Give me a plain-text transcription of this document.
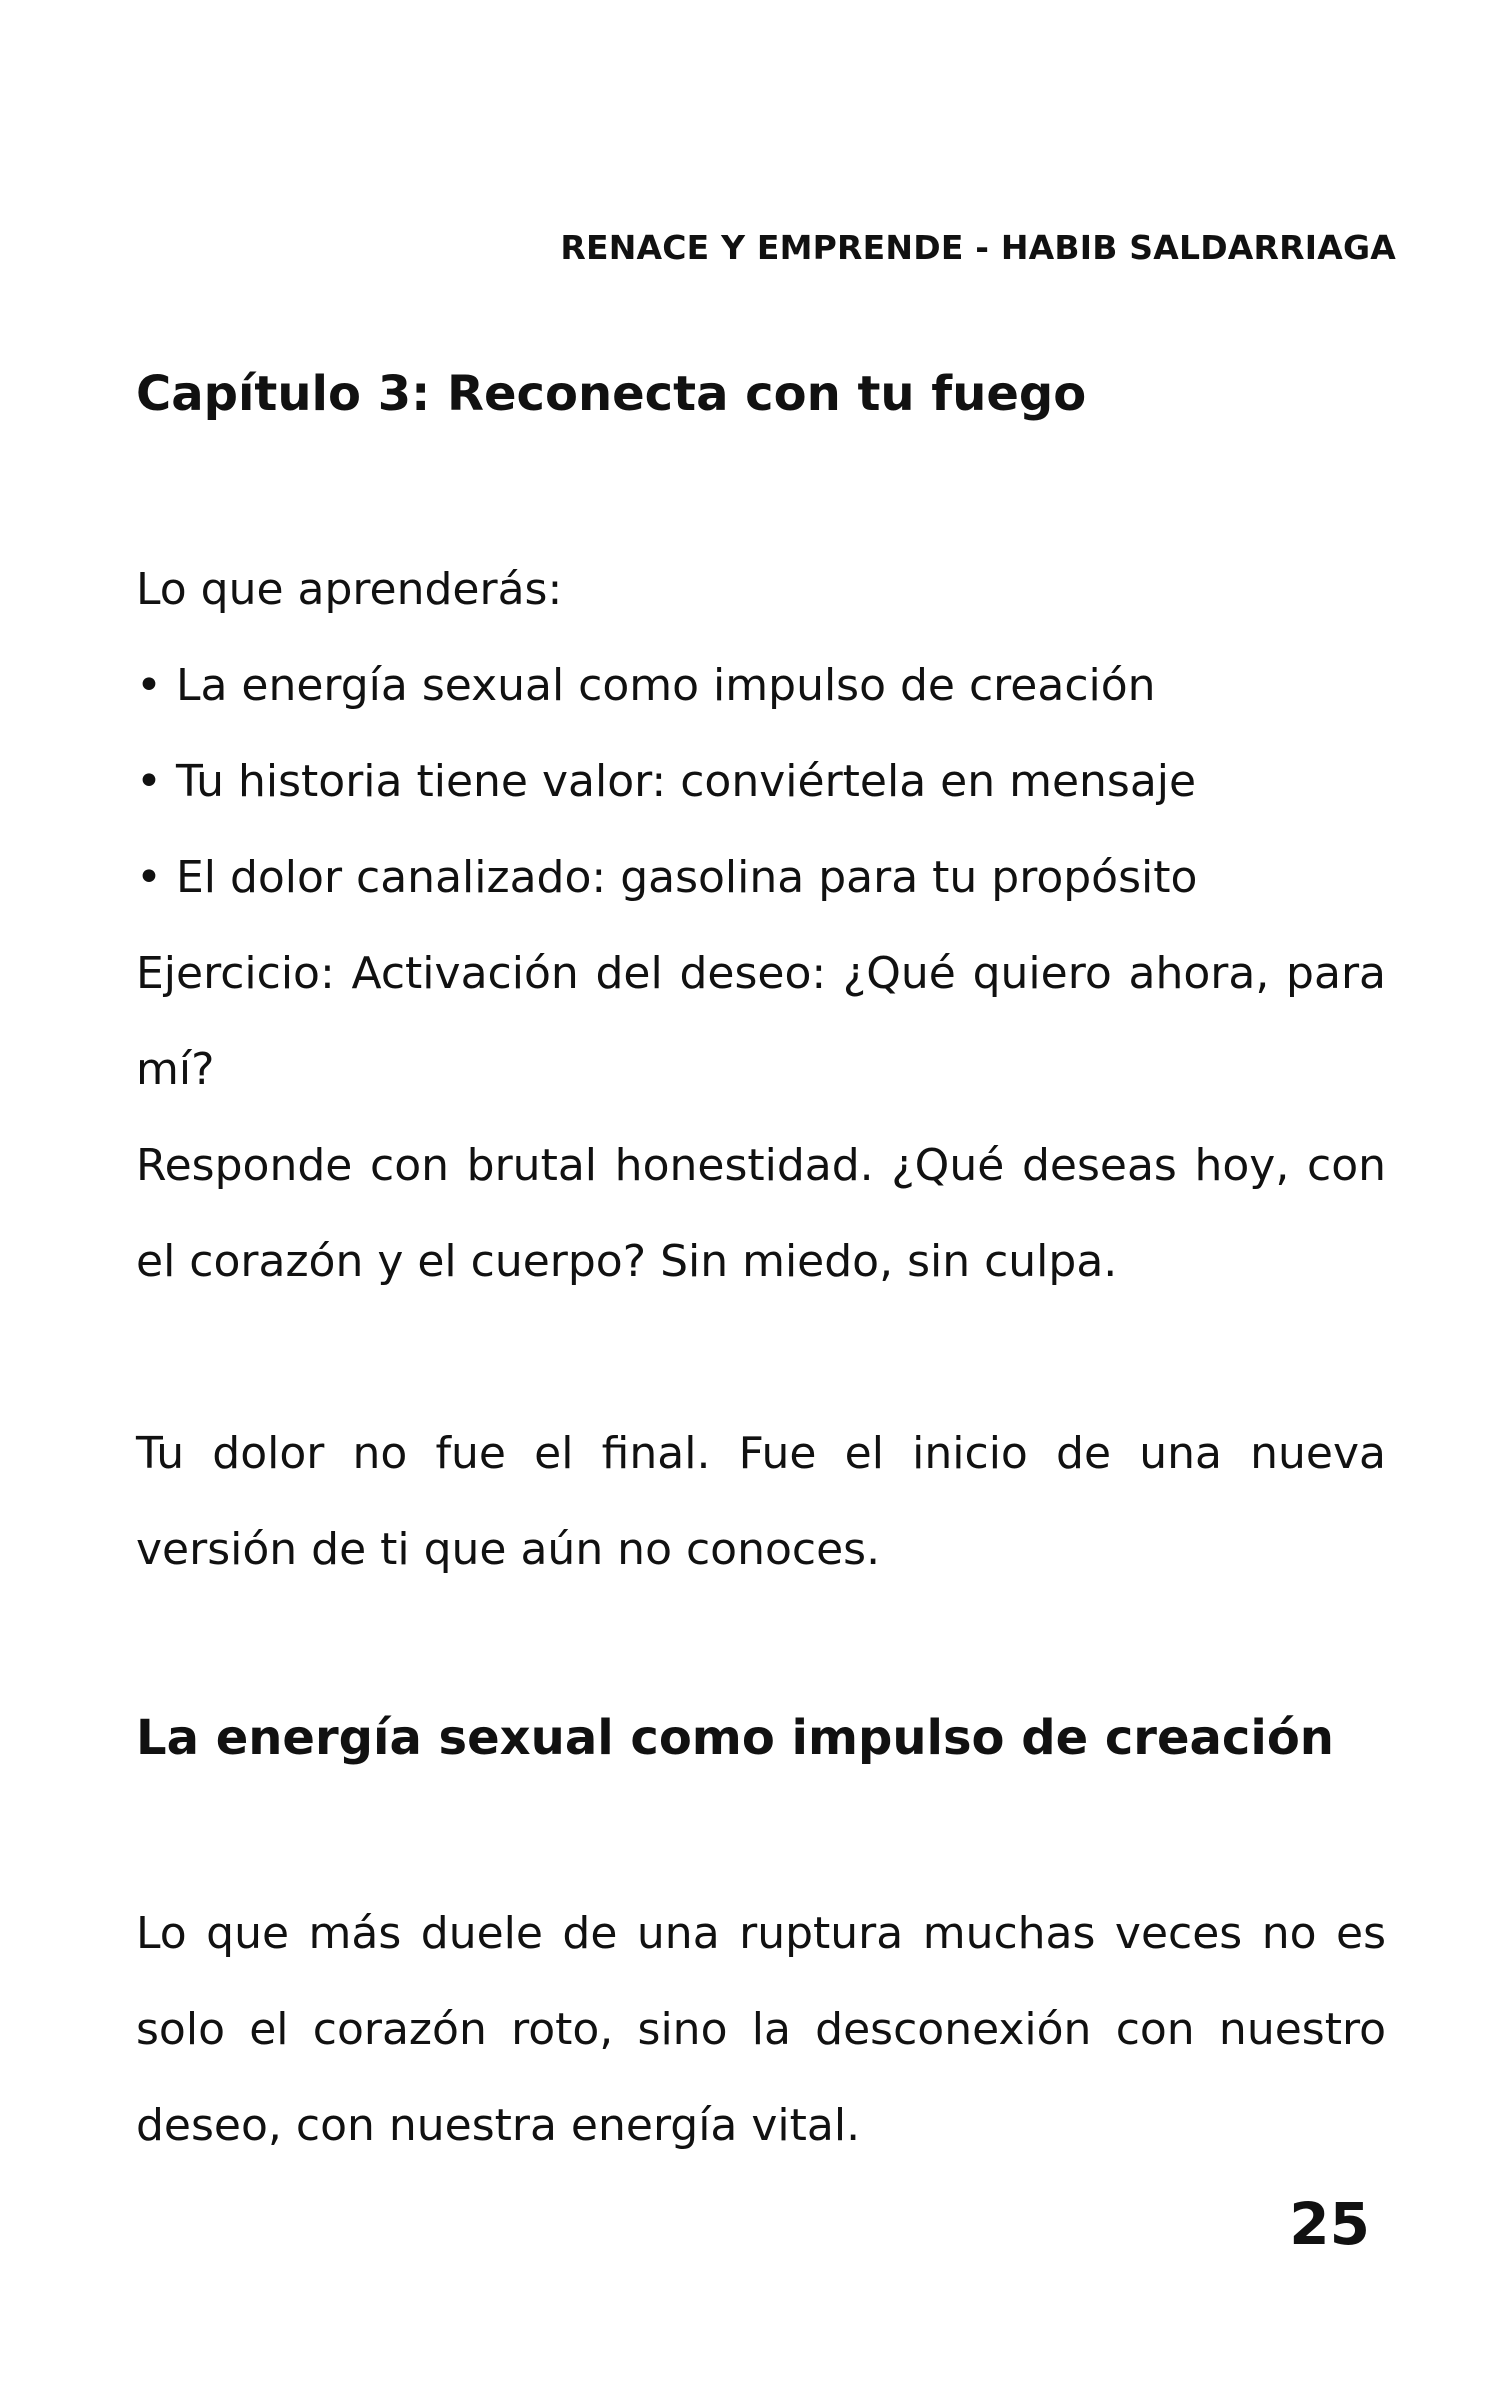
RENACE Y EMPRENDE - HABIB SALDARRIAGA
Capítulo 3: Reconecta con tu fuego

Lo que aprenderás:

• La energía sexual como impulso de creación

• Tu historia tiene valor: conviértela en mensaje

• El dolor canalizado: gasolina para tu propósito

Ejercicio: Activación del deseo: ¿Qué quiero ahora, para mí?

Responde con brutal honestidad. ¿Qué deseas hoy, con el corazón y el cuerpo? Sin miedo, sin culpa.

Tu dolor no fue el final. Fue el inicio de una nueva versión de ti que aún no conoces.

La energía sexual como impulso de creación

Lo que más duele de una ruptura muchas veces no es solo el corazón roto, sino la desconexión con nuestro deseo, con nuestra energía vital.

25
